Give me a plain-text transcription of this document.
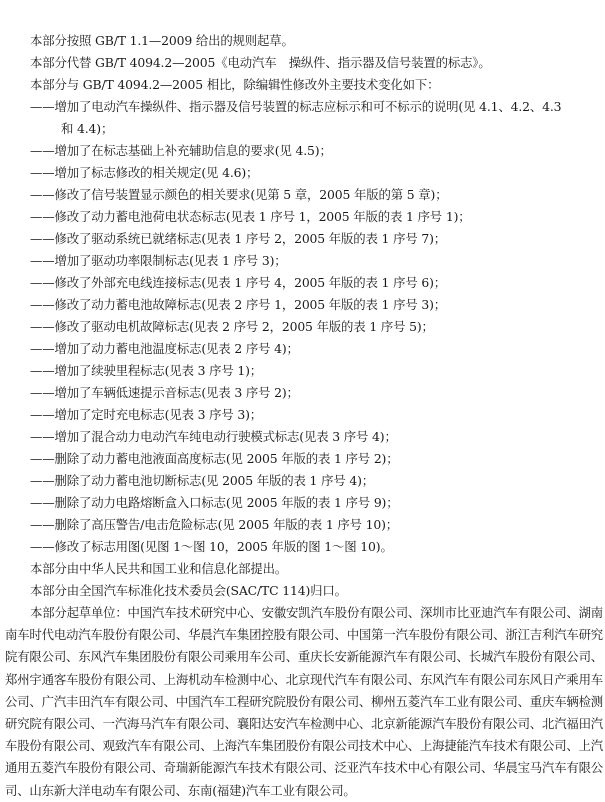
本部分按照 GB/T 1.1—2009 给出的规则起草。
本部分代替 GB/T 4094.2—2005《电动汽车　操纵件、指示器及信号装置的标志》。
本部分与 GB/T 4094.2—2005 相比，除编辑性修改外主要技术变化如下：
——增加了电动汽车操纵件、指示器及信号装置的标志应标示和可不标示的说明(见 4.1、4.2、4.3
和 4.4)；
——增加了在标志基础上补充辅助信息的要求(见 4.5)；
——增加了标志修改的相关规定(见 4.6)；
——修改了信号装置显示颜色的相关要求(见第 5 章，2005 年版的第 5 章)；
——修改了动力蓄电池荷电状态标志(见表 1 序号 1，2005 年版的表 1 序号 1)；
——修改了驱动系统已就绪标志(见表 1 序号 2，2005 年版的表 1 序号 7)；
——增加了驱动功率限制标志(见表 1 序号 3)；
——修改了外部充电线连接标志(见表 1 序号 4，2005 年版的表 1 序号 6)；
——修改了动力蓄电池故障标志(见表 2 序号 1，2005 年版的表 1 序号 3)；
——修改了驱动电机故障标志(见表 2 序号 2，2005 年版的表 1 序号 5)；
——增加了动力蓄电池温度标志(见表 2 序号 4)；
——增加了续驶里程标志(见表 3 序号 1)；
——增加了车辆低速提示音标志(见表 3 序号 2)；
——增加了定时充电标志(见表 3 序号 3)；
——增加了混合动力电动汽车纯电动行驶模式标志(见表 3 序号 4)；
——删除了动力蓄电池液面高度标志(见 2005 年版的表 1 序号 2)；
——删除了动力蓄电池切断标志(见 2005 年版的表 1 序号 4)；
——删除了动力电路熔断盒入口标志(见 2005 年版的表 1 序号 9)；
——删除了高压警告/电击危险标志(见 2005 年版的表 1 序号 10)；
——修改了标志用图(见图 1～图 10，2005 年版的图 1～图 10)。
本部分由中华人民共和国工业和信息化部提出。
本部分由全国汽车标准化技术委员会(SAC/TC 114)归口。
本部分起草单位：中国汽车技术研究中心、安徽安凯汽车股份有限公司、深圳市比亚迪汽车有限公司、湖南南车时代电动汽车股份有限公司、华晨汽车集团控股有限公司、中国第一汽车股份有限公司、浙江吉利汽车研究院有限公司、东风汽车集团股份有限公司乘用车公司、重庆长安新能源汽车有限公司、长城汽车股份有限公司、郑州宇通客车股份有限公司、上海机动车检测中心、北京现代汽车有限公司、东风汽车有限公司东风日产乘用车公司、广汽丰田汽车有限公司、中国汽车工程研究院股份有限公司、柳州五菱汽车工业有限公司、重庆车辆检测研究院有限公司、一汽海马汽车有限公司、襄阳达安汽车检测中心、北京新能源汽车股份有限公司、北汽福田汽车股份有限公司、观致汽车有限公司、上海汽车集团股份有限公司技术中心、上海捷能汽车技术有限公司、上汽通用五菱汽车股份有限公司、奇瑞新能源汽车技术有限公司、泛亚汽车技术中心有限公司、华晨宝马汽车有限公司、山东新大洋电动车有限公司、东南(福建)汽车工业有限公司。
